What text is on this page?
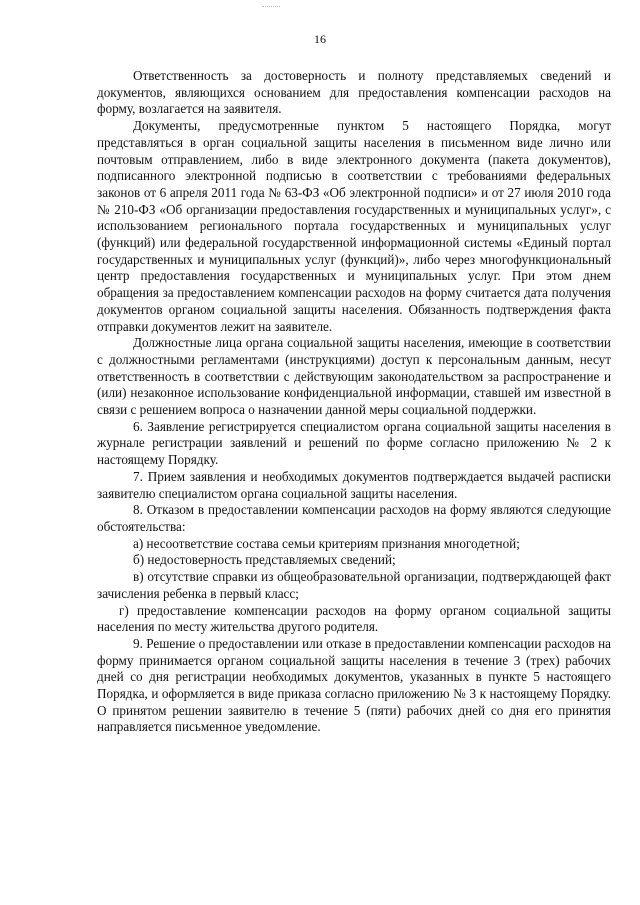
16

Ответственность за достоверность и полноту представляемых сведений и документов, являющихся основанием для предоставления компенсации расходов на форму, возлагается на заявителя.

Документы, предусмотренные пунктом 5 настоящего Порядка, могут представляться в орган социальной защиты населения в письменном виде лично или почтовым отправлением, либо в виде электронного документа (пакета документов), подписанного электронной подписью в соответствии с требованиями федеральных законов от 6 апреля 2011 года № 63-ФЗ «Об электронной подписи» и от 27 июля 2010 года № 210-ФЗ «Об организации предоставления государственных и муниципальных услуг», с использованием регионального портала государственных и муниципальных услуг (функций) или федеральной государственной информационной системы «Единый портал государственных и муниципальных услуг (функций)», либо через многофункциональный центр предоставления государственных и муниципальных услуг. При этом днем обращения за предоставлением компенсации расходов на форму считается дата получения документов органом социальной защиты населения. Обязанность подтверждения факта отправки документов лежит на заявителе.

Должностные лица органа социальной защиты населения, имеющие в соответствии с должностными регламентами (инструкциями) доступ к персональным данным, несут ответственность в соответствии с действующим законодательством за распространение и (или) незаконное использование конфиденциальной информации, ставшей им известной в связи с решением вопроса о назначении данной меры социальной поддержки.

6. Заявление регистрируется специалистом органа социальной защиты населения в журнале регистрации заявлений и решений по форме согласно приложению № 2 к настоящему Порядку.

7. Прием заявления и необходимых документов подтверждается выдачей расписки заявителю специалистом органа социальной защиты населения.

8. Отказом в предоставлении компенсации расходов на форму являются следующие обстоятельства:

а) несоответствие состава семьи критериям признания многодетной;

б) недостоверность представляемых сведений;

в) отсутствие справки из общеобразовательной организации, подтверждающей факт зачисления ребенка в первый класс;

г) предоставление компенсации расходов на форму органом социальной защиты населения по месту жительства другого родителя.

9. Решение о предоставлении или отказе в предоставлении компенсации расходов на форму принимается органом социальной защиты населения в течение 3 (трех) рабочих дней со дня регистрации необходимых документов, указанных в пункте 5 настоящего Порядка, и оформляется в виде приказа согласно приложению № 3 к настоящему Порядку. О принятом решении заявителю в течение 5 (пяти) рабочих дней со дня его принятия направляется письменное уведомление.
